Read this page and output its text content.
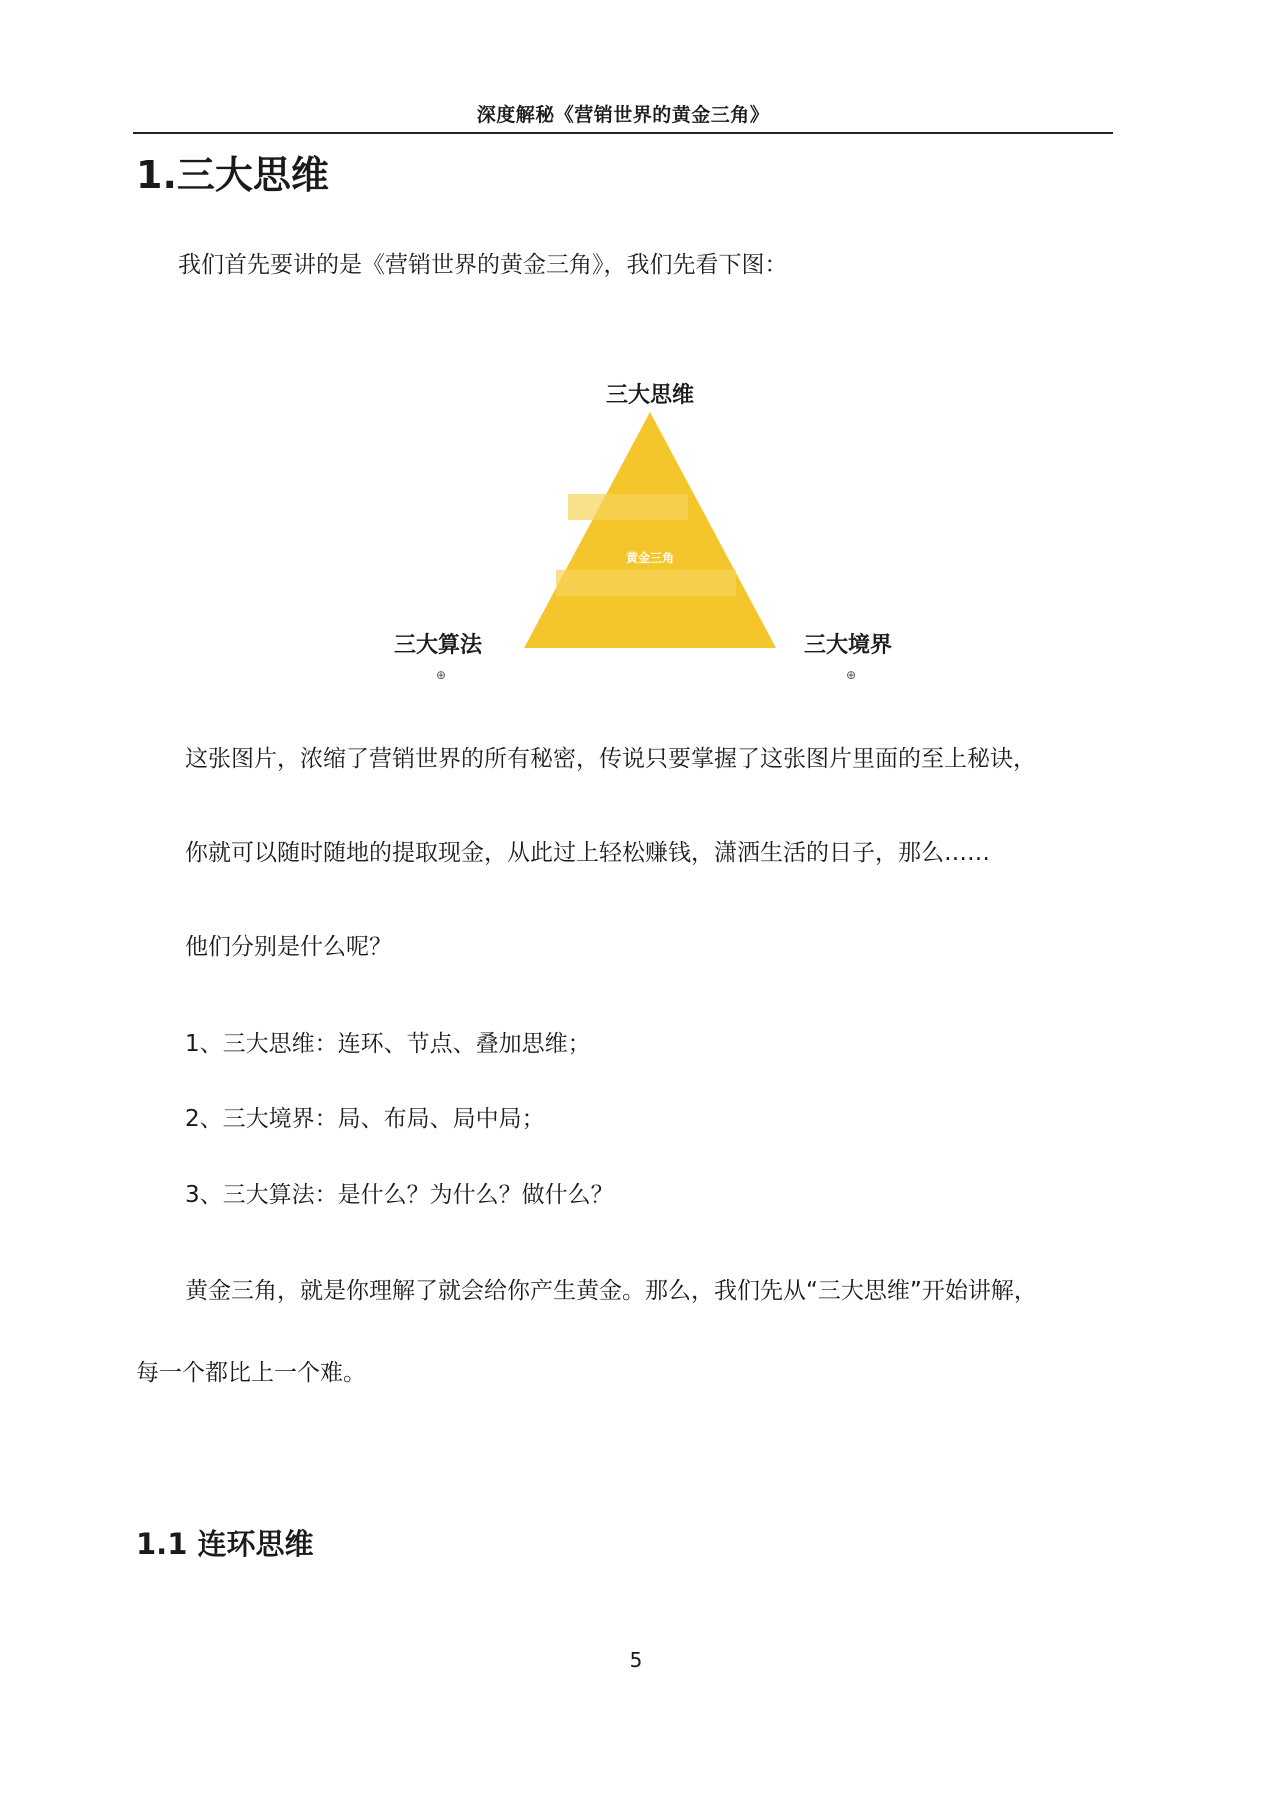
深度解秘《营销世界的黄金三角》
1.三大思维

我们首先要讲的是《营销世界的黄金三角》，我们先看下图：

三大思维
黄金三角
三大算法	三大境界
⊕	⊕

这张图片，浓缩了营销世界的所有秘密，传说只要掌握了这张图片里面的至上秘诀，

你就可以随时随地的提取现金，从此过上轻松赚钱，潇洒生活的日子，那么……

他们分别是什么呢？

1、三大思维：连环、节点、叠加思维；

2、三大境界：局、布局、局中局；

3、三大算法：是什么？为什么？做什么？

黄金三角，就是你理解了就会给你产生黄金。那么，我们先从“三大思维”开始讲解，

每一个都比上一个难。

1.1 连环思维
5
